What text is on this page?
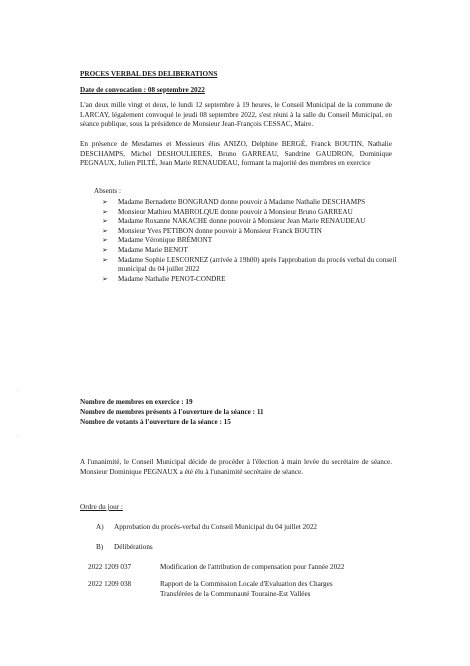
PROCES VERBAL DES DELIBERATIONS
Date de convocation : 08 septembre 2022
L'an deux mille vingt et deux, le lundi 12 septembre à 19 heures, le Conseil Municipal de la commune de LARCAY, légalement convoqué le jeudi 08 septembre 2022, s'est réuni à la salle du Conseil Municipal, en séance publique, sous la présidence de Monsieur Jean-François CESSAC, Maire.
En présence de Mesdames et Messieurs élus ANIZO, Delphine BERGÉ, Franck BOUTIN, Nathalie DESCHAMPS, Michel DESHOULIERES, Bruno GARREAU, Sandrine GAUDRON, Dominique PEGNAUX, Julien PILTÉ, Jean Marie RENAUDEAU, formant la majorité des membres en exercice
Absents :
➢ Madame Bernadette BONGRAND donne pouvoir à Madame Nathalie DESCHAMPS
➢ Monsieur Mathieu MABROLQUE donne pouvoir à Monsieur Bruno GARREAU
➢ Madame Roxanne NAKACHE donne pouvoir à Monsieur Jean Marie RENAUDEAU
➢ Monsieur Yves PETIBON donne pouvoir à Monsieur Franck BOUTIN
➢ Madame Véronique BRÉMONT
➢ Madame Marie BENOT
➢ Madame Sophie LESCORNEZ (arrivée à 19h00) après l'approbation du procès verbal du conseil municipal du 04 juillet 2022
➢ Madame Nathalie PENOT-CONDRE
Nombre de membres en exercice : 19
Nombre de membres présents à l'ouverture de la séance : 11
Nombre de votants à l'ouverture de la séance : 15
·
·
A l'unanimité, le Conseil Municipal décide de procéder à l'élection à main levée du secrétaire de séance. Monsieur Dominique PEGNAUX a été élu à l'unanimité secrétaire de séance.
Ordre du jour :
A) Approbation du procès-verbal du Conseil Municipal du 04 juillet 2022
B) Délibérations
2022 1209 037	Modification de l'attribution de compensation pour l'année 2022
2022 1209 038	Rapport de la Commission Locale d'Evaluation des Charges
Transférées de la Communauté Touraine-Est Vallées
